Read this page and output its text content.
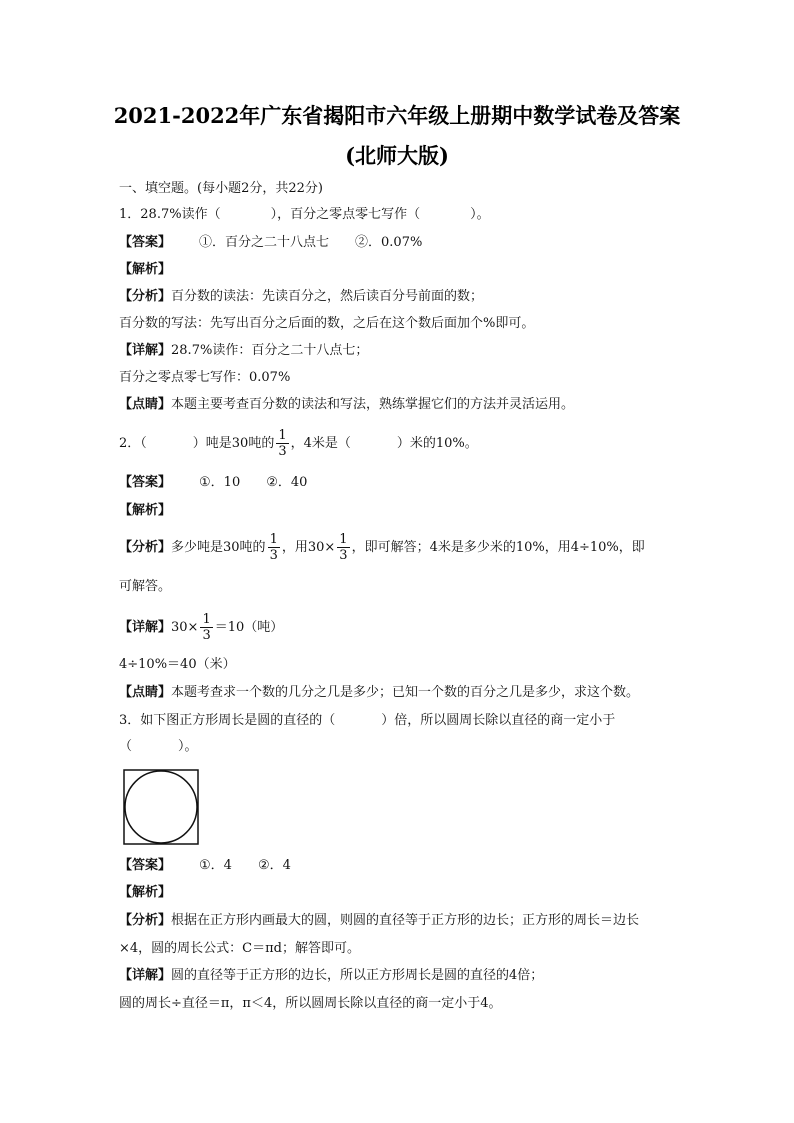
2021-2022年广东省揭阳市六年级上册期中数学试卷及答案
(北师大版)
一、填空题。(每小题2分，共22分)
1．28.7%读作（	），百分之零点零七写作（	）。
【答案】 ①．百分之二十八点七　　②．0.07%
【解析】
【分析】百分数的读法：先读百分之，然后读百分号前面的数；
百分数的写法：先写出百分之后面的数，之后在这个数后面加个%即可。
【详解】28.7%读作：百分之二十八点七；
百分之零点零七写作：0.07%
【点睛】本题主要考查百分数的读法和写法，熟练掌握它们的方法并灵活运用。
2．（	）吨是30吨的 $\frac{1}{3}$ ，4米是（	）米的10%。
【答案】 ①．10　　②．40
【解析】
【分析】多少吨是30吨的 $\frac{1}{3}$ ，用$30\times \frac{1}{3}$ ，即可解答；4米是多少米的10%，用4÷10%，即
可解答。
【详解】$30\times \frac{1}{3} =10$（吨）
4÷10%＝40（米）
【点睛】本题考查求一个数的几分之几是多少；已知一个数的百分之几是多少，求这个数。
3．如下图正方形周长是圆的直径的（	）倍，所以圆周长除以直径的商一定小于
（	）。
【答案】 ①．4　　②．4
【解析】
【分析】根据在正方形内画最大的圆，则圆的直径等于正方形的边长；正方形的周长＝边长
×4，圆的周长公式：C＝πd；解答即可。
【详解】圆的直径等于正方形的边长，所以正方形周长是圆的直径的4倍；
圆的周长÷直径＝π，π＜4，所以圆周长除以直径的商一定小于4。
